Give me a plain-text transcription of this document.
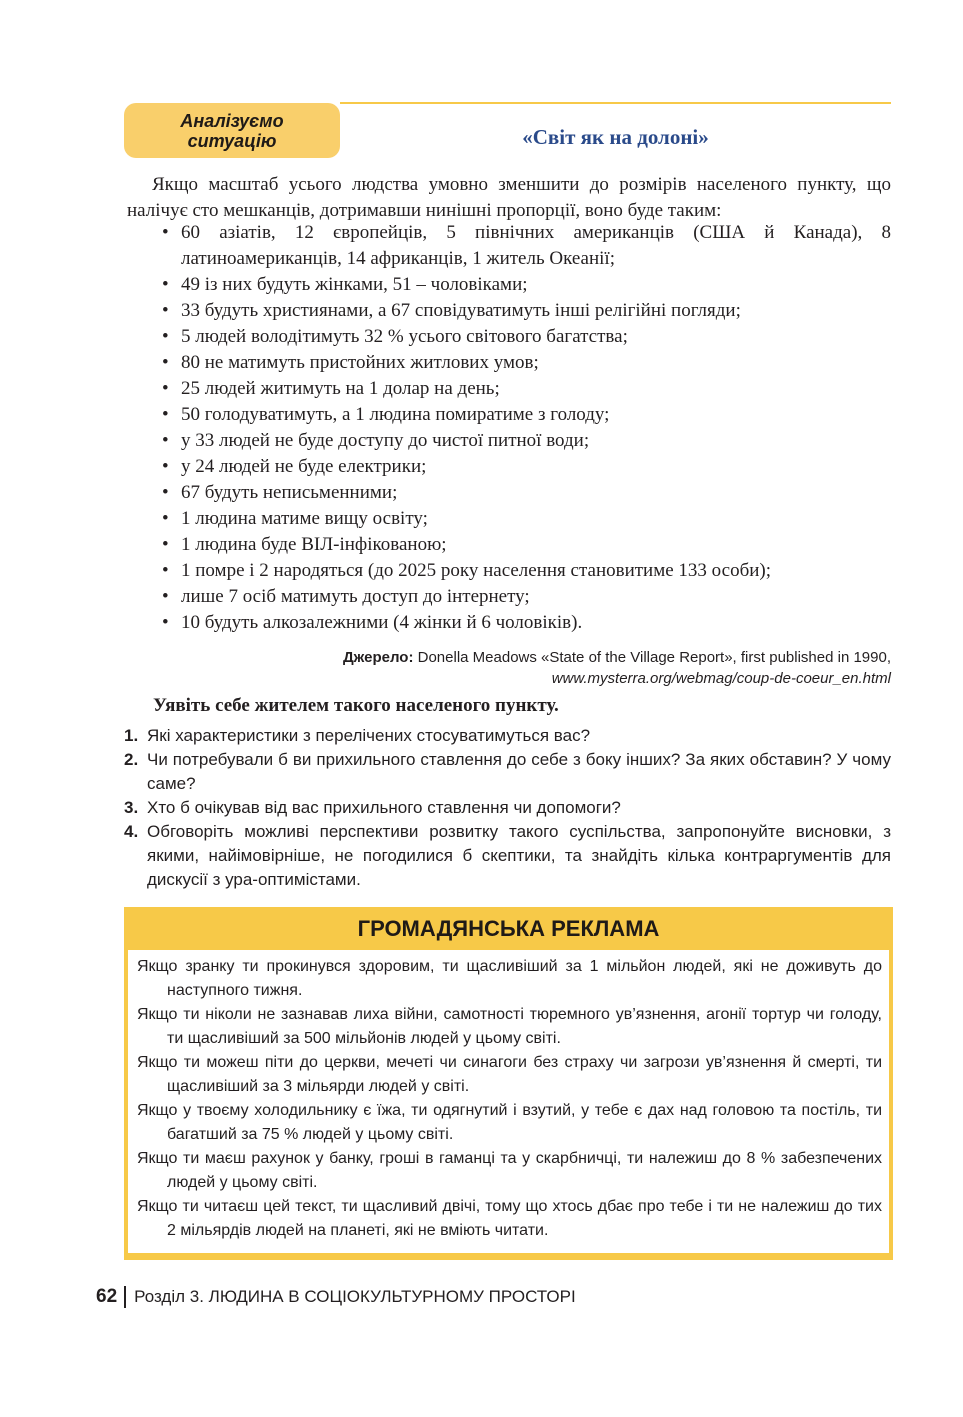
Аналізуємо
ситуацію	«Світ як на долоні»

Якщо масштаб усього людства умовно зменшити до розмірів населеного пункту, що налічує сто мешканців, дотримавши нинішні пропорції, воно буде таким:

• 60 азіатів, 12 європейців, 5 північних американців (США й Канада), 8 латиноамериканців, 14 африканців, 1 житель Океанії;
• 49 із них будуть жінками, 51 – чоловіками;
• 33 будуть християнами, а 67 сповідуватимуть інші релігійні погляди;
• 5 людей володітимуть 32 % усього світового багатства;
• 80 не матимуть пристойних житлових умов;
• 25 людей житимуть на 1 долар на день;
• 50 голодуватимуть, а 1 людина помиратиме з голоду;
• у 33 людей не буде доступу до чистої питної води;
• у 24 людей не буде електрики;
• 67 будуть неписьменними;
• 1 людина матиме вищу освіту;
• 1 людина буде ВІЛ-інфікованою;
• 1 помре і 2 народяться (до 2025 року населення становитиме 133 особи);
• лише 7 осіб матимуть доступ до інтернету;
• 10 будуть алкозалежними (4 жінки й 6 чоловіків).
Джерело: Donella Meadows «State of the Village Report», first published in 1990,
www.mysterra.org/webmag/coup-de-coeur_en.html
Уявіть себе жителем такого населеного пункту.
1. Які характеристики з перелічених стосуватимуться вас?
2. Чи потребували б ви прихильного ставлення до себе з боку інших? За яких обставин? У чому саме?
3. Хто б очікував від вас прихильного ставлення чи допомоги?
4. Обговоріть можливі перспективи розвитку такого суспільства, запропонуйте висновки, з якими, найімовірніше, не погодилися б скептики, та знайдіть кілька контраргументів для дискусії з ура-оптимістами.
ГРОМАДЯНСЬКА РЕКЛАМА
Якщо зранку ти прокинувся здоровим, ти щасливіший за 1 мільйон людей, які не доживуть до наступного тижня.
Якщо ти ніколи не зазнавав лиха війни, самотності тюремного ув’язнення, агонії тортур чи голоду, ти щасливіший за 500 мільйонів людей у цьому світі.
Якщо ти можеш піти до церкви, мечеті чи синагоги без страху чи загрози ув’язнення й смерті, ти щасливіший за 3 мільярди людей у світі.
Якщо у твоєму холодильнику є їжа, ти одягнутий і взутий, у тебе є дах над головою та постіль, ти багатший за 75 % людей у цьому світі.
Якщо ти маєш рахунок у банку, гроші в гаманці та у скарбничці, ти належиш до 8 % забезпечених людей у цьому світі.
Якщо ти читаєш цей текст, ти щасливий двічі, тому що хтось дбає про тебе і ти не належиш до тих 2 мільярдів людей на планеті, які не вміють читати.
62 Розділ 3. ЛЮДИНА В СОЦІОКУЛЬТУРНОМУ ПРОСТОРІ
